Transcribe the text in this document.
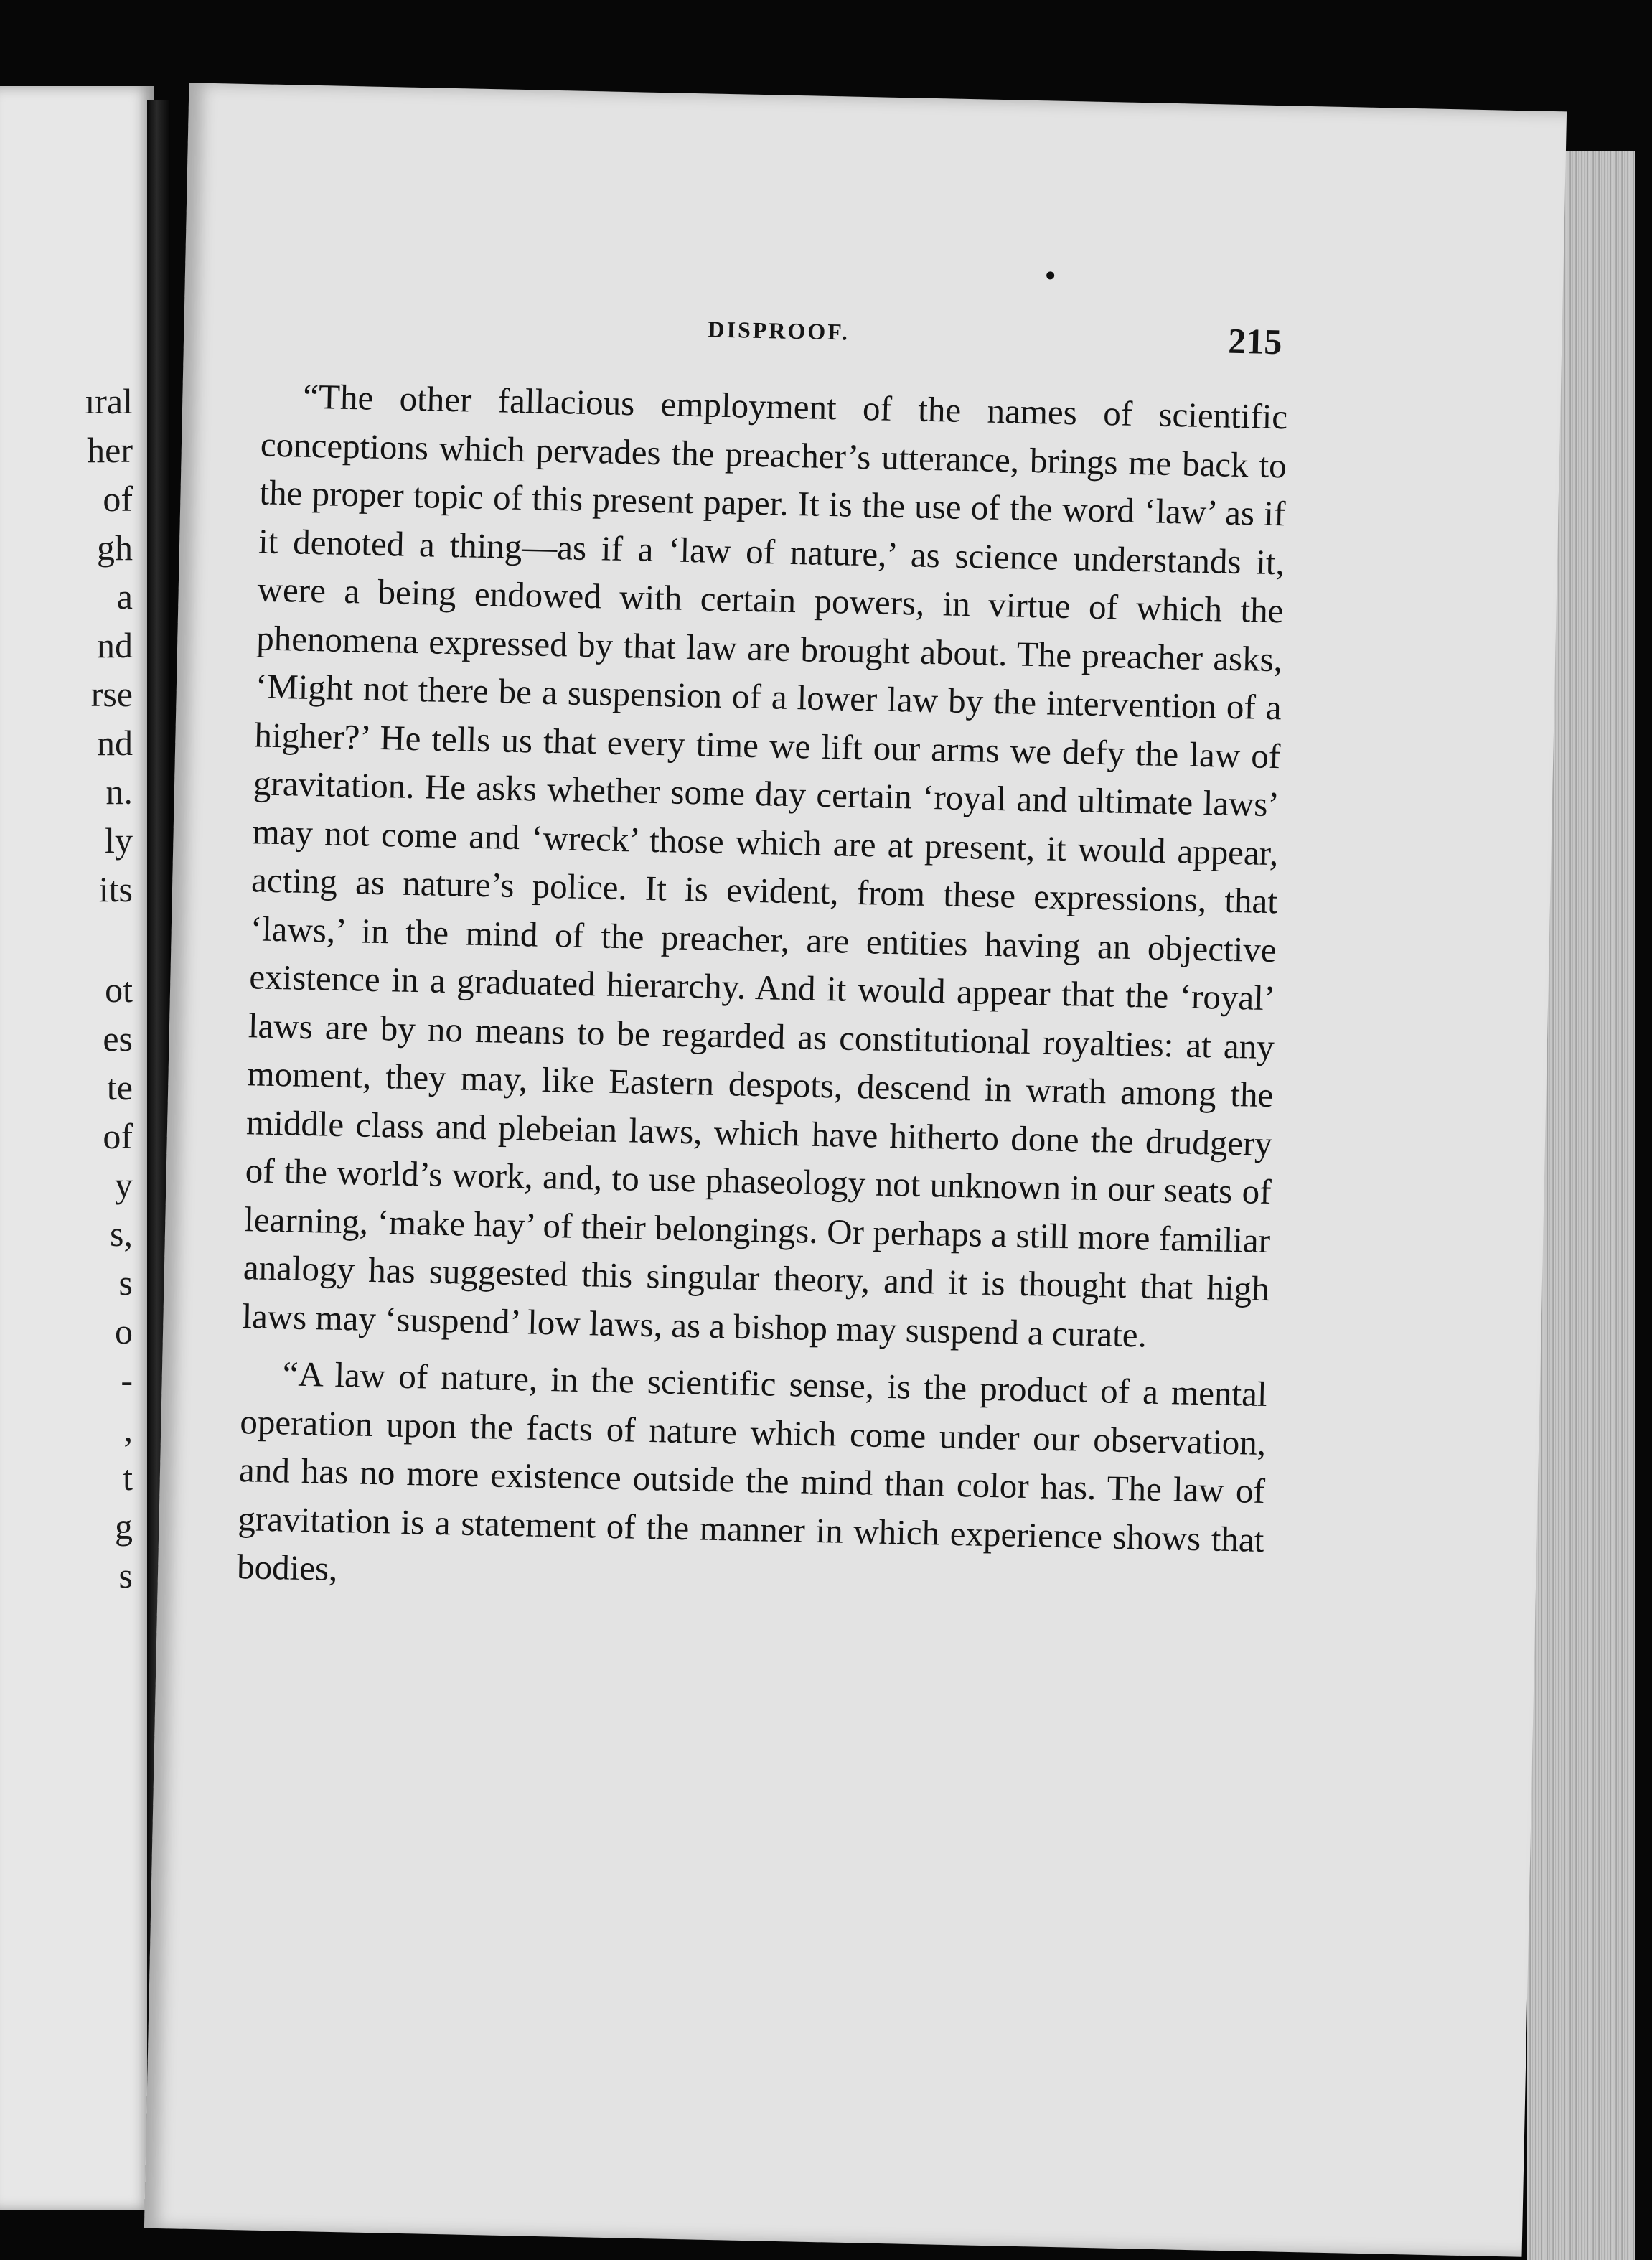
ıral
her
of
gh
a
nd
rse
nd
n.
ly
its
ot
es
te
of
y
s,
s
o
-
,
t
g
s
DISPROOF.	215

“The other fallacious employment of the names of scientific conceptions which pervades the preacher’s utterance, brings me back to the proper topic of this present paper. It is the use of the word ‘law’ as if it denoted a thing—as if a ‘law of nature,’ as science understands it, were a being endowed with certain powers, in virtue of which the phenomena expressed by that law are brought about. The preacher asks, ‘Might not there be a suspension of a lower law by the intervention of a higher?’ He tells us that every time we lift our arms we defy the law of gravitation. He asks whether some day certain ‘royal and ultimate laws’ may not come and ‘wreck’ those which are at present, it would appear, acting as nature’s police. It is evident, from these expressions, that ‘laws,’ in the mind of the preacher, are entities having an objective existence in a graduated hierarchy. And it would appear that the ‘royal’ laws are by no means to be regarded as constitutional royalties: at any moment, they may, like Eastern despots, descend in wrath among the middle class and plebeian laws, which have hitherto done the drudgery of the world’s work, and, to use phaseology not unknown in our seats of learning, ‘make hay’ of their belongings. Or perhaps a still more familiar analogy has suggested this singular theory, and it is thought that high laws may ‘suspend’ low laws, as a bishop may suspend a curate.

“A law of nature, in the scientific sense, is the product of a mental operation upon the facts of nature which come under our observation, and has no more existence outside the mind than color has. The law of gravitation is a statement of the manner in which experience shows that bodies,
